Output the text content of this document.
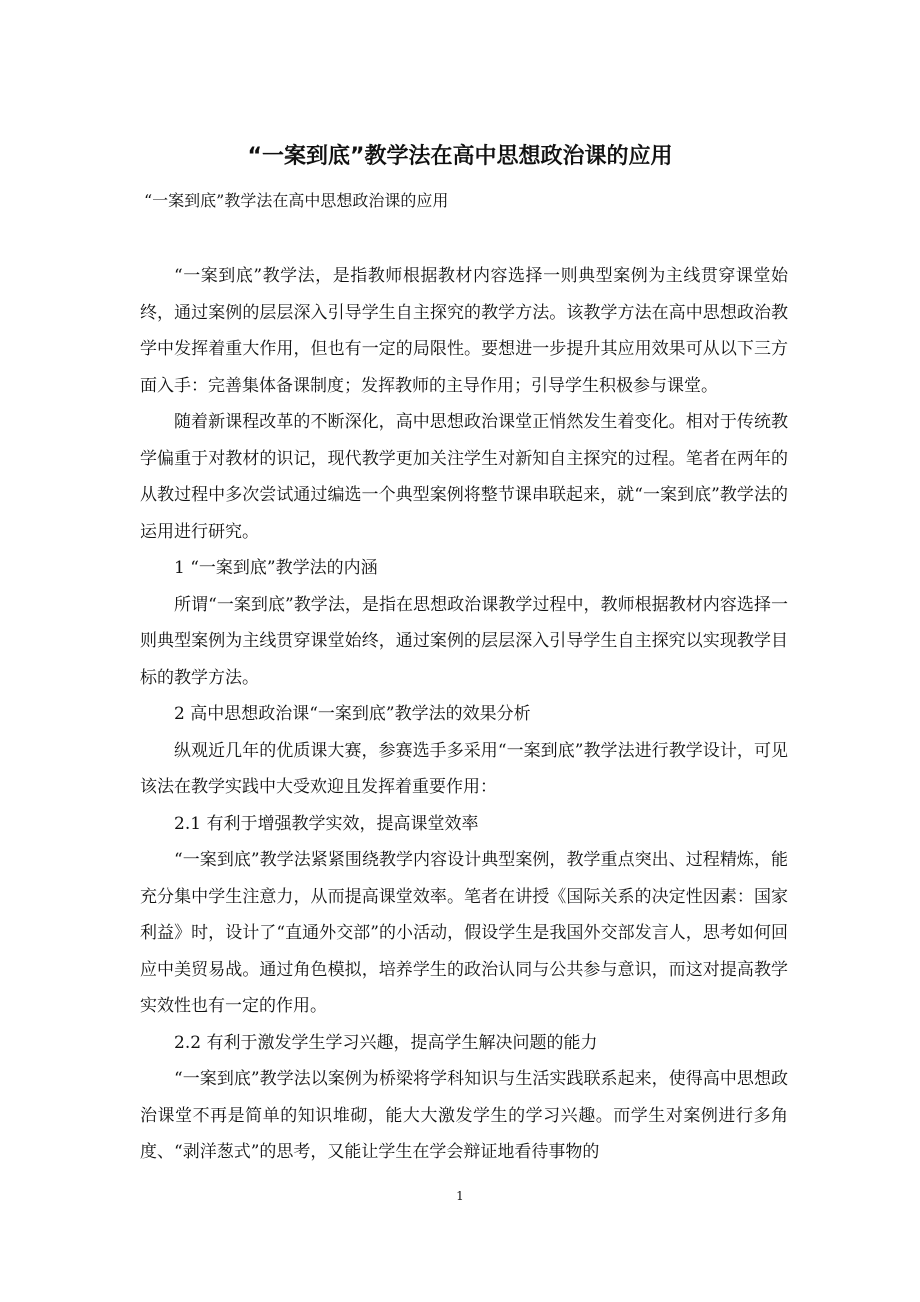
“一案到底”教学法在高中思想政治课的应用

“一案到底”教学法在高中思想政治课的应用

“一案到底”教学法，是指教师根据教材内容选择一则典型案例为主线贯穿课堂始终，通过案例的层层深入引导学生自主探究的教学方法。该教学方法在高中思想政治教学中发挥着重大作用，但也有一定的局限性。要想进一步提升其应用效果可从以下三方面入手：完善集体备课制度；发挥教师的主导作用；引导学生积极参与课堂。

随着新课程改革的不断深化，高中思想政治课堂正悄然发生着变化。相对于传统教学偏重于对教材的识记，现代教学更加关注学生对新知自主探究的过程。笔者在两年的从教过程中多次尝试通过编选一个典型案例将整节课串联起来，就“一案到底”教学法的运用进行研究。

1 “一案到底”教学法的内涵

所谓“一案到底”教学法，是指在思想政治课教学过程中，教师根据教材内容选择一则典型案例为主线贯穿课堂始终，通过案例的层层深入引导学生自主探究以实现教学目标的教学方法。

2 高中思想政治课“一案到底”教学法的效果分析

纵观近几年的优质课大赛，参赛选手多采用“一案到底”教学法进行教学设计，可见该法在教学实践中大受欢迎且发挥着重要作用：

2.1 有利于增强教学实效，提高课堂效率

“一案到底”教学法紧紧围绕教学内容设计典型案例，教学重点突出、过程精炼，能充分集中学生注意力，从而提高课堂效率。笔者在讲授《国际关系的决定性因素：国家利益》时，设计了“直通外交部”的小活动，假设学生是我国外交部发言人，思考如何回应中美贸易战。通过角色模拟，培养学生的政治认同与公共参与意识，而这对提高教学实效性也有一定的作用。

2.2 有利于激发学生学习兴趣，提高学生解决问题的能力

“一案到底”教学法以案例为桥梁将学科知识与生活实践联系起来，使得高中思想政治课堂不再是简单的知识堆砌，能大大激发学生的学习兴趣。而学生对案例进行多角度、“剥洋葱式”的思考，又能让学生在学会辩证地看待事物的

1
